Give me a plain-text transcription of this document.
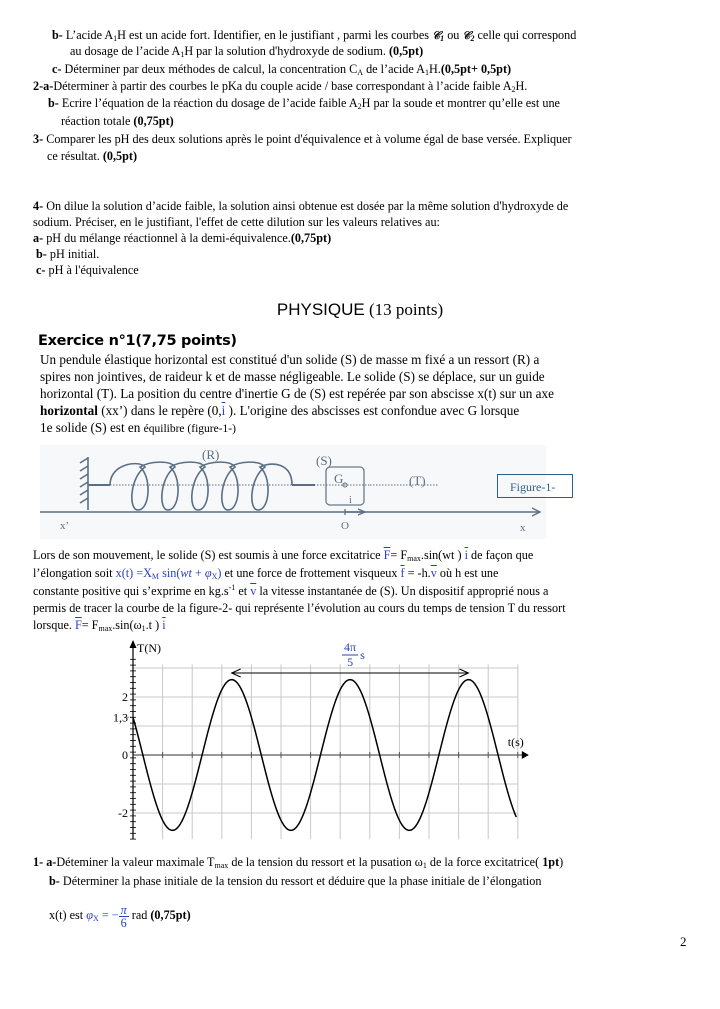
b- L’acide $A_1H$ est un acide fort. Identifier, en le justifiant , parmi les courbes 𝒞$_1$ ou 𝒞$_2$ celle qui correspond
au dosage de l’acide $A_1H$ par la solution d'hydroxyde de sodium. (0,5pt)
c- Déterminer par deux méthodes de calcul, la concentration $C_A$ de l’acide $A_1H.(0,5pt+ 0,5pt)$
2-a-Déterminer à partir des courbes le pKa du couple acide / base correspondant à l’acide faible $A_2H$.
b- Ecrire l’équation de la réaction du dosage de l’acide faible $A_2H$ par la soude et montrer qu’elle est une
réaction totale (0,75pt)
3- Comparer les pH des deux solutions après le point d'équivalence et à volume égal de base versée. Expliquer
ce résultat. (0,5pt)
4- On dilue la solution d’acide faible, la solution ainsi obtenue est dosée par la même solution d'hydroxyde de
sodium. Préciser, en le justifiant, l'effet de cette dilution sur les valeurs relatives au:
a- pH du mélange réactionnel à la demi-équivalence.(0,75pt)
b- pH initial.
c- pH à l'équivalence
PHYSIQUE (13 points)
Exercice n°1(7,75 points)
Un pendule élastique horizontal est constitué d'un solide (S) de masse m fixé a un ressort (R) a
spires non jointives, de raideur k et de masse négligeable. Le solide (S) se déplace, sur un guide
horizontal (T). La position du centre d'inertie G de (S) est repérée par son abscisse x(t) sur un axe
horizontal (xx’) dans le repère ($0,\overline{i}$ ). L'origine des abscisses est confondue avec G lorsque
1e solide (S) est en équilibre (figure-1-)
(R)	(S)
(T)
G
i
O
x’	x
Figure-1-
Lors de son mouvement, le solide (S) est soumis à une force excitatrice $\overline{F}= F_{max}.\sin(wt$ ) $\overline{i}$ de façon que
l’élongation soit $x(t) =X_M$ $\sin(wt + \varphi_X)$ et une force de frottement visqueux $\overline{f} = -h.\overline{v}$ où h est une
constante positive qui s’exprime en $kg.s^{-1}$ et $\overline{v}$ la vitesse instantanée de (S). Un dispositif approprié nous a
permis de tracer la courbe de la figure-2- qui représente l’évolution au cours du temps de tension T du ressort
lorsque. $\overline{F}= F_{max}.\sin(\omega_1.t$ ) $\overline{i}$
T(N)
t(s)
2
1,3
0
-2
4π
5 s
1- a-Déteminer la valeur maximale $T_{max}$ de la tension du ressort et la pusation $\omega_1$ de la force excitatrice( 1pt)
b- Déterminer la phase initiale de la tension du ressort et déduire que la phase initiale de l’élongation
x(t) est $\varphi_X$ = − $\frac{\pi}{6}$ rad (0,75pt)
2
